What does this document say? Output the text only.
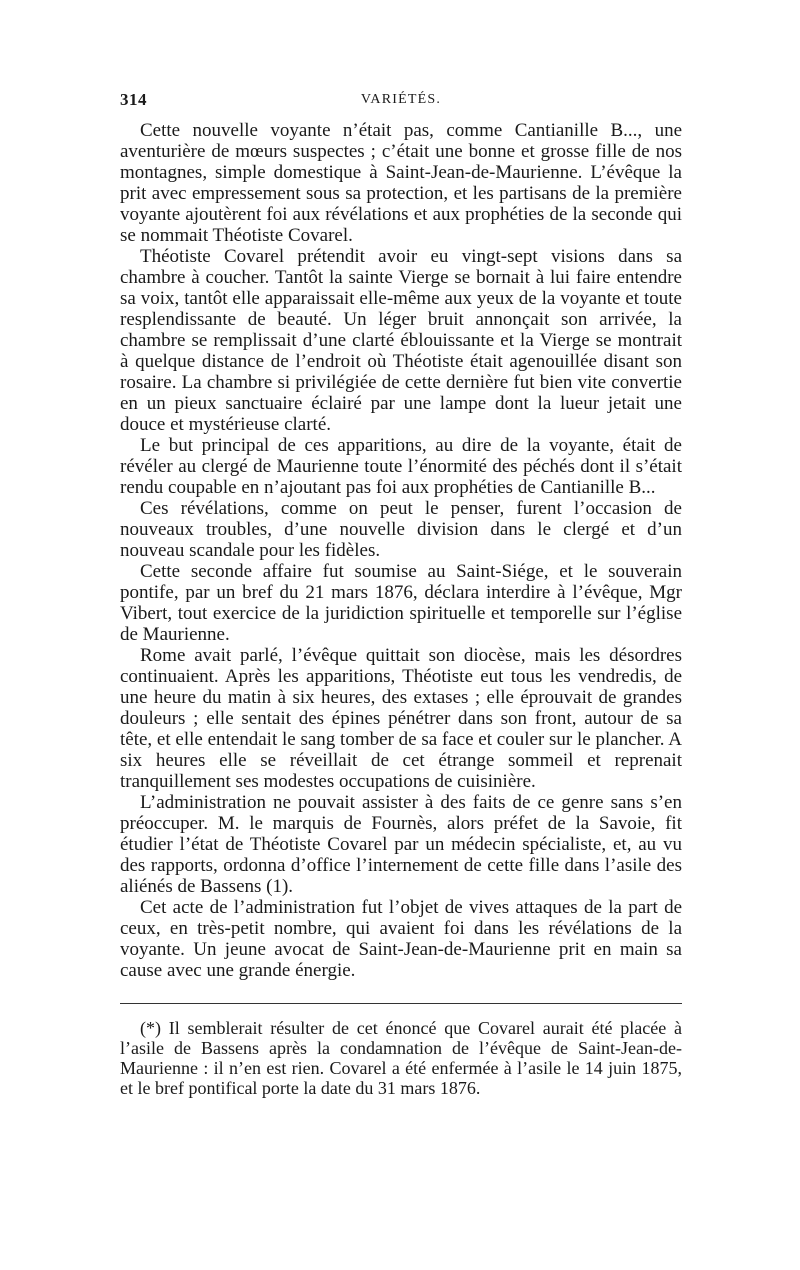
314	VARIÉTÉS.

Cette nouvelle voyante n’était pas, comme Cantianille B..., une aventurière de mœurs suspectes ; c’était une bonne et grosse fille de nos montagnes, simple domestique à Saint-Jean-de-Maurienne. L’évêque la prit avec empressement sous sa protection, et les partisans de la première voyante ajoutèrent foi aux révélations et aux prophéties de la seconde qui se nommait Théotiste Covarel.

Théotiste Covarel prétendit avoir eu vingt-sept visions dans sa chambre à coucher. Tantôt la sainte Vierge se bornait à lui faire entendre sa voix, tantôt elle apparaissait elle-même aux yeux de la voyante et toute resplendissante de beauté. Un léger bruit annonçait son arrivée, la chambre se remplissait d’une clarté éblouissante et la Vierge se montrait à quelque distance de l’endroit où Théotiste était agenouillée disant son rosaire. La chambre si privilégiée de cette dernière fut bien vite convertie en un pieux sanctuaire éclairé par une lampe dont la lueur jetait une douce et mystérieuse clarté.

Le but principal de ces apparitions, au dire de la voyante, était de révéler au clergé de Maurienne toute l’énormité des péchés dont il s’était rendu coupable en n’ajoutant pas foi aux prophéties de Cantianille B...

Ces révélations, comme on peut le penser, furent l’occasion de nouveaux troubles, d’une nouvelle division dans le clergé et d’un nouveau scandale pour les fidèles.

Cette seconde affaire fut soumise au Saint-Siége, et le souverain pontife, par un bref du 21 mars 1876, déclara interdire à l’évêque, Mgr Vibert, tout exercice de la juridiction spirituelle et temporelle sur l’église de Maurienne.

Rome avait parlé, l’évêque quittait son diocèse, mais les désordres continuaient. Après les apparitions, Théotiste eut tous les vendredis, de une heure du matin à six heures, des extases ; elle éprouvait de grandes douleurs ; elle sentait des épines pénétrer dans son front, autour de sa tête, et elle entendait le sang tomber de sa face et couler sur le plancher. A six heures elle se réveillait de cet étrange sommeil et reprenait tranquillement ses modestes occupations de cuisinière.

L’administration ne pouvait assister à des faits de ce genre sans s’en préoccuper. M. le marquis de Fournès, alors préfet de la Savoie, fit étudier l’état de Théotiste Covarel par un médecin spécialiste, et, au vu des rapports, ordonna d’office l’internement de cette fille dans l’asile des aliénés de Bassens (1).

Cet acte de l’administration fut l’objet de vives attaques de la part de ceux, en très-petit nombre, qui avaient foi dans les révélations de la voyante. Un jeune avocat de Saint-Jean-de-Maurienne prit en main sa cause avec une grande énergie.

(*) Il semblerait résulter de cet énoncé que Covarel aurait été placée à l’asile de Bassens après la condamnation de l’évêque de Saint-Jean-de-Maurienne : il n’en est rien. Covarel a été enfermée à l’asile le 14 juin 1875, et le bref pontifical porte la date du 31 mars 1876.
